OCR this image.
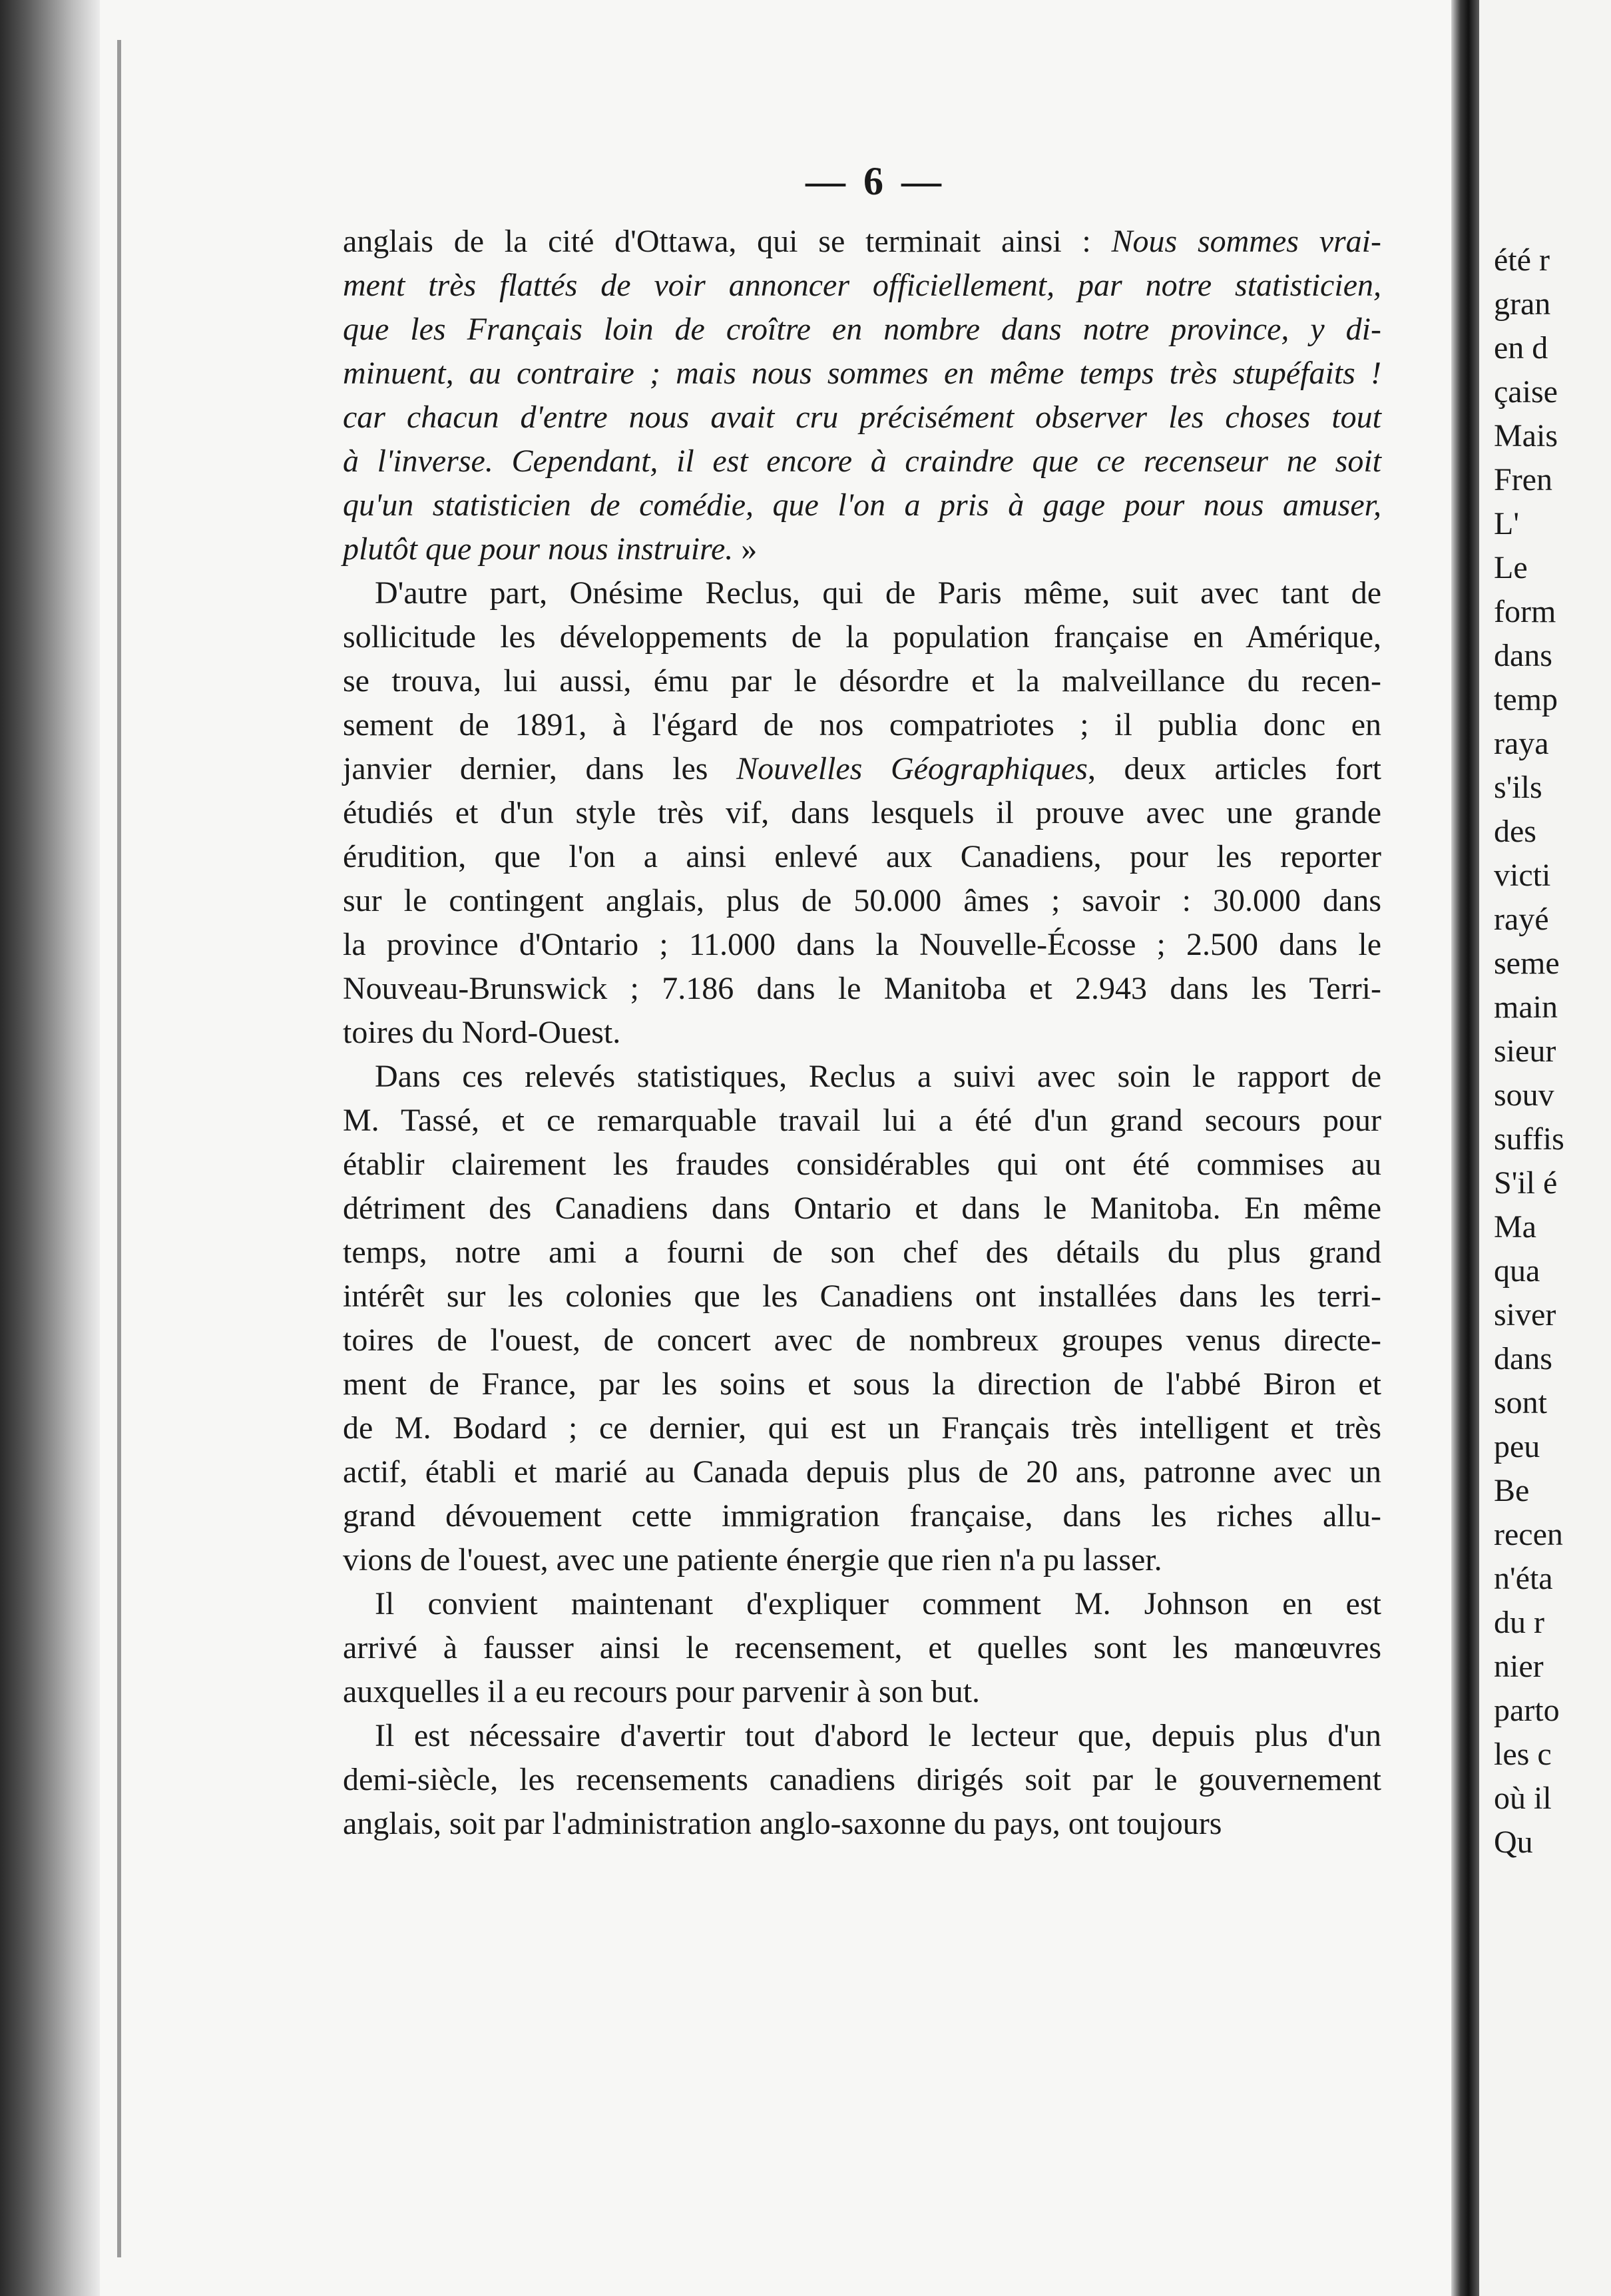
— 6 —
anglais de la cité d'Ottawa, qui se terminait ainsi : Nous sommes vrai-
ment très flattés de voir annoncer officiellement, par notre statisticien,
que les Français loin de croître en nombre dans notre province, y di-
minuent, au contraire ; mais nous sommes en même temps très stupéfaits !
car chacun d'entre nous avait cru précisément observer les choses tout
à l'inverse. Cependant, il est encore à craindre que ce recenseur ne soit
qu'un statisticien de comédie, que l'on a pris à gage pour nous amuser,
plutôt que pour nous instruire. »
D'autre part, Onésime Reclus, qui de Paris même, suit avec tant de
sollicitude les développements de la population française en Amérique,
se trouva, lui aussi, ému par le désordre et la malveillance du recen-
sement de 1891, à l'égard de nos compatriotes ; il publia donc en
janvier dernier, dans les Nouvelles Géographiques, deux articles fort
étudiés et d'un style très vif, dans lesquels il prouve avec une grande
érudition, que l'on a ainsi enlevé aux Canadiens, pour les reporter
sur le contingent anglais, plus de 50.000 âmes ; savoir : 30.000 dans
la province d'Ontario ; 11.000 dans la Nouvelle-Écosse ; 2.500 dans le
Nouveau-Brunswick ; 7.186 dans le Manitoba et 2.943 dans les Terri-
toires du Nord-Ouest.
Dans ces relevés statistiques, Reclus a suivi avec soin le rapport de
M. Tassé, et ce remarquable travail lui a été d'un grand secours pour
établir clairement les fraudes considérables qui ont été commises au
détriment des Canadiens dans Ontario et dans le Manitoba. En même
temps, notre ami a fourni de son chef des détails du plus grand
intérêt sur les colonies que les Canadiens ont installées dans les terri-
toires de l'ouest, de concert avec de nombreux groupes venus directe-
ment de France, par les soins et sous la direction de l'abbé Biron et
de M. Bodard ; ce dernier, qui est un Français très intelligent et très
actif, établi et marié au Canada depuis plus de 20 ans, patronne avec un
grand dévouement cette immigration française, dans les riches allu-
vions de l'ouest, avec une patiente énergie que rien n'a pu lasser.
Il convient maintenant d'expliquer comment M. Johnson en est
arrivé à fausser ainsi le recensement, et quelles sont les manœuvres
auxquelles il a eu recours pour parvenir à son but.
Il est nécessaire d'avertir tout d'abord le lecteur que, depuis plus d'un
demi-siècle, les recensements canadiens dirigés soit par le gouvernement
anglais, soit par l'administration anglo-saxonne du pays, ont toujours
été r
gran
en d
çaise
Mais
Fren
L'
Le
form
dans
temp
raya
s'ils
des
victi
rayé
seme
main
sieur
souv
suffis
S'il é
Ma
qua
siver
dans
sont
peu
Be
recen
n'éta
du r
nier
parto
les c
où il
Qu
